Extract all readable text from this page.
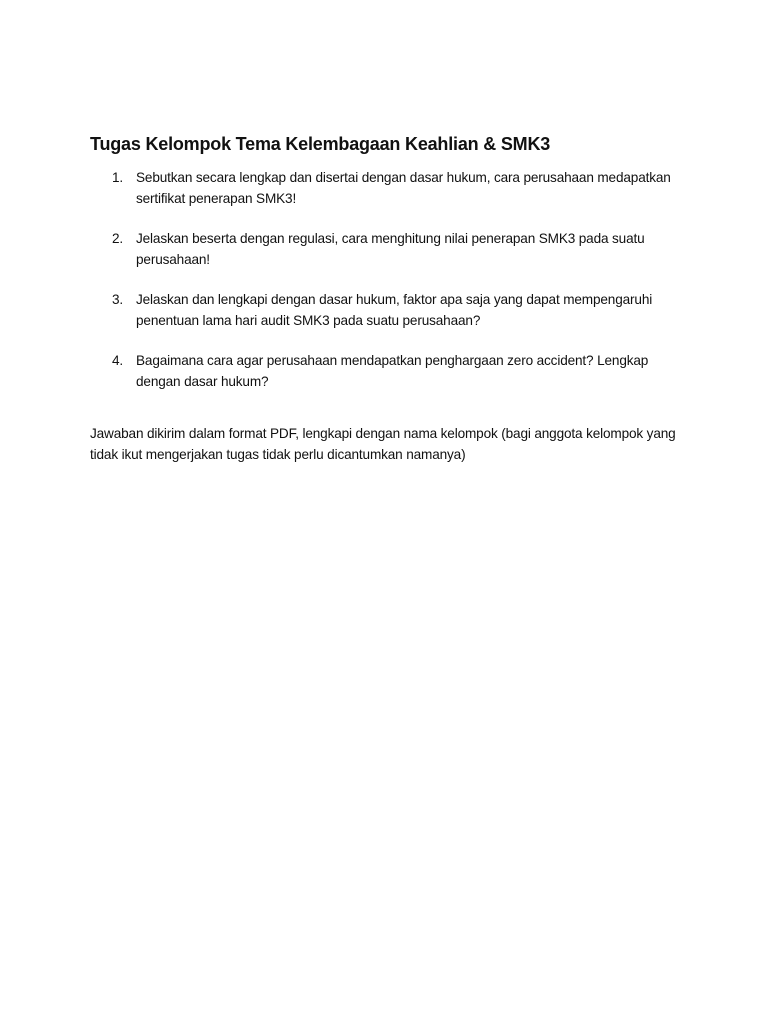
Tugas Kelompok Tema Kelembagaan Keahlian & SMK3
1. Sebutkan secara lengkap dan disertai dengan dasar hukum, cara perusahaan medapatkan sertifikat penerapan SMK3!
2. Jelaskan beserta dengan regulasi, cara menghitung nilai penerapan SMK3 pada suatu perusahaan!
3. Jelaskan dan lengkapi dengan dasar hukum, faktor apa saja yang dapat mempengaruhi penentuan lama hari audit SMK3 pada suatu perusahaan?
4. Bagaimana cara agar perusahaan mendapatkan penghargaan zero accident? Lengkap dengan dasar hukum?

Jawaban dikirim dalam format PDF, lengkapi dengan nama kelompok (bagi anggota kelompok yang tidak ikut mengerjakan tugas tidak perlu dicantumkan namanya)
